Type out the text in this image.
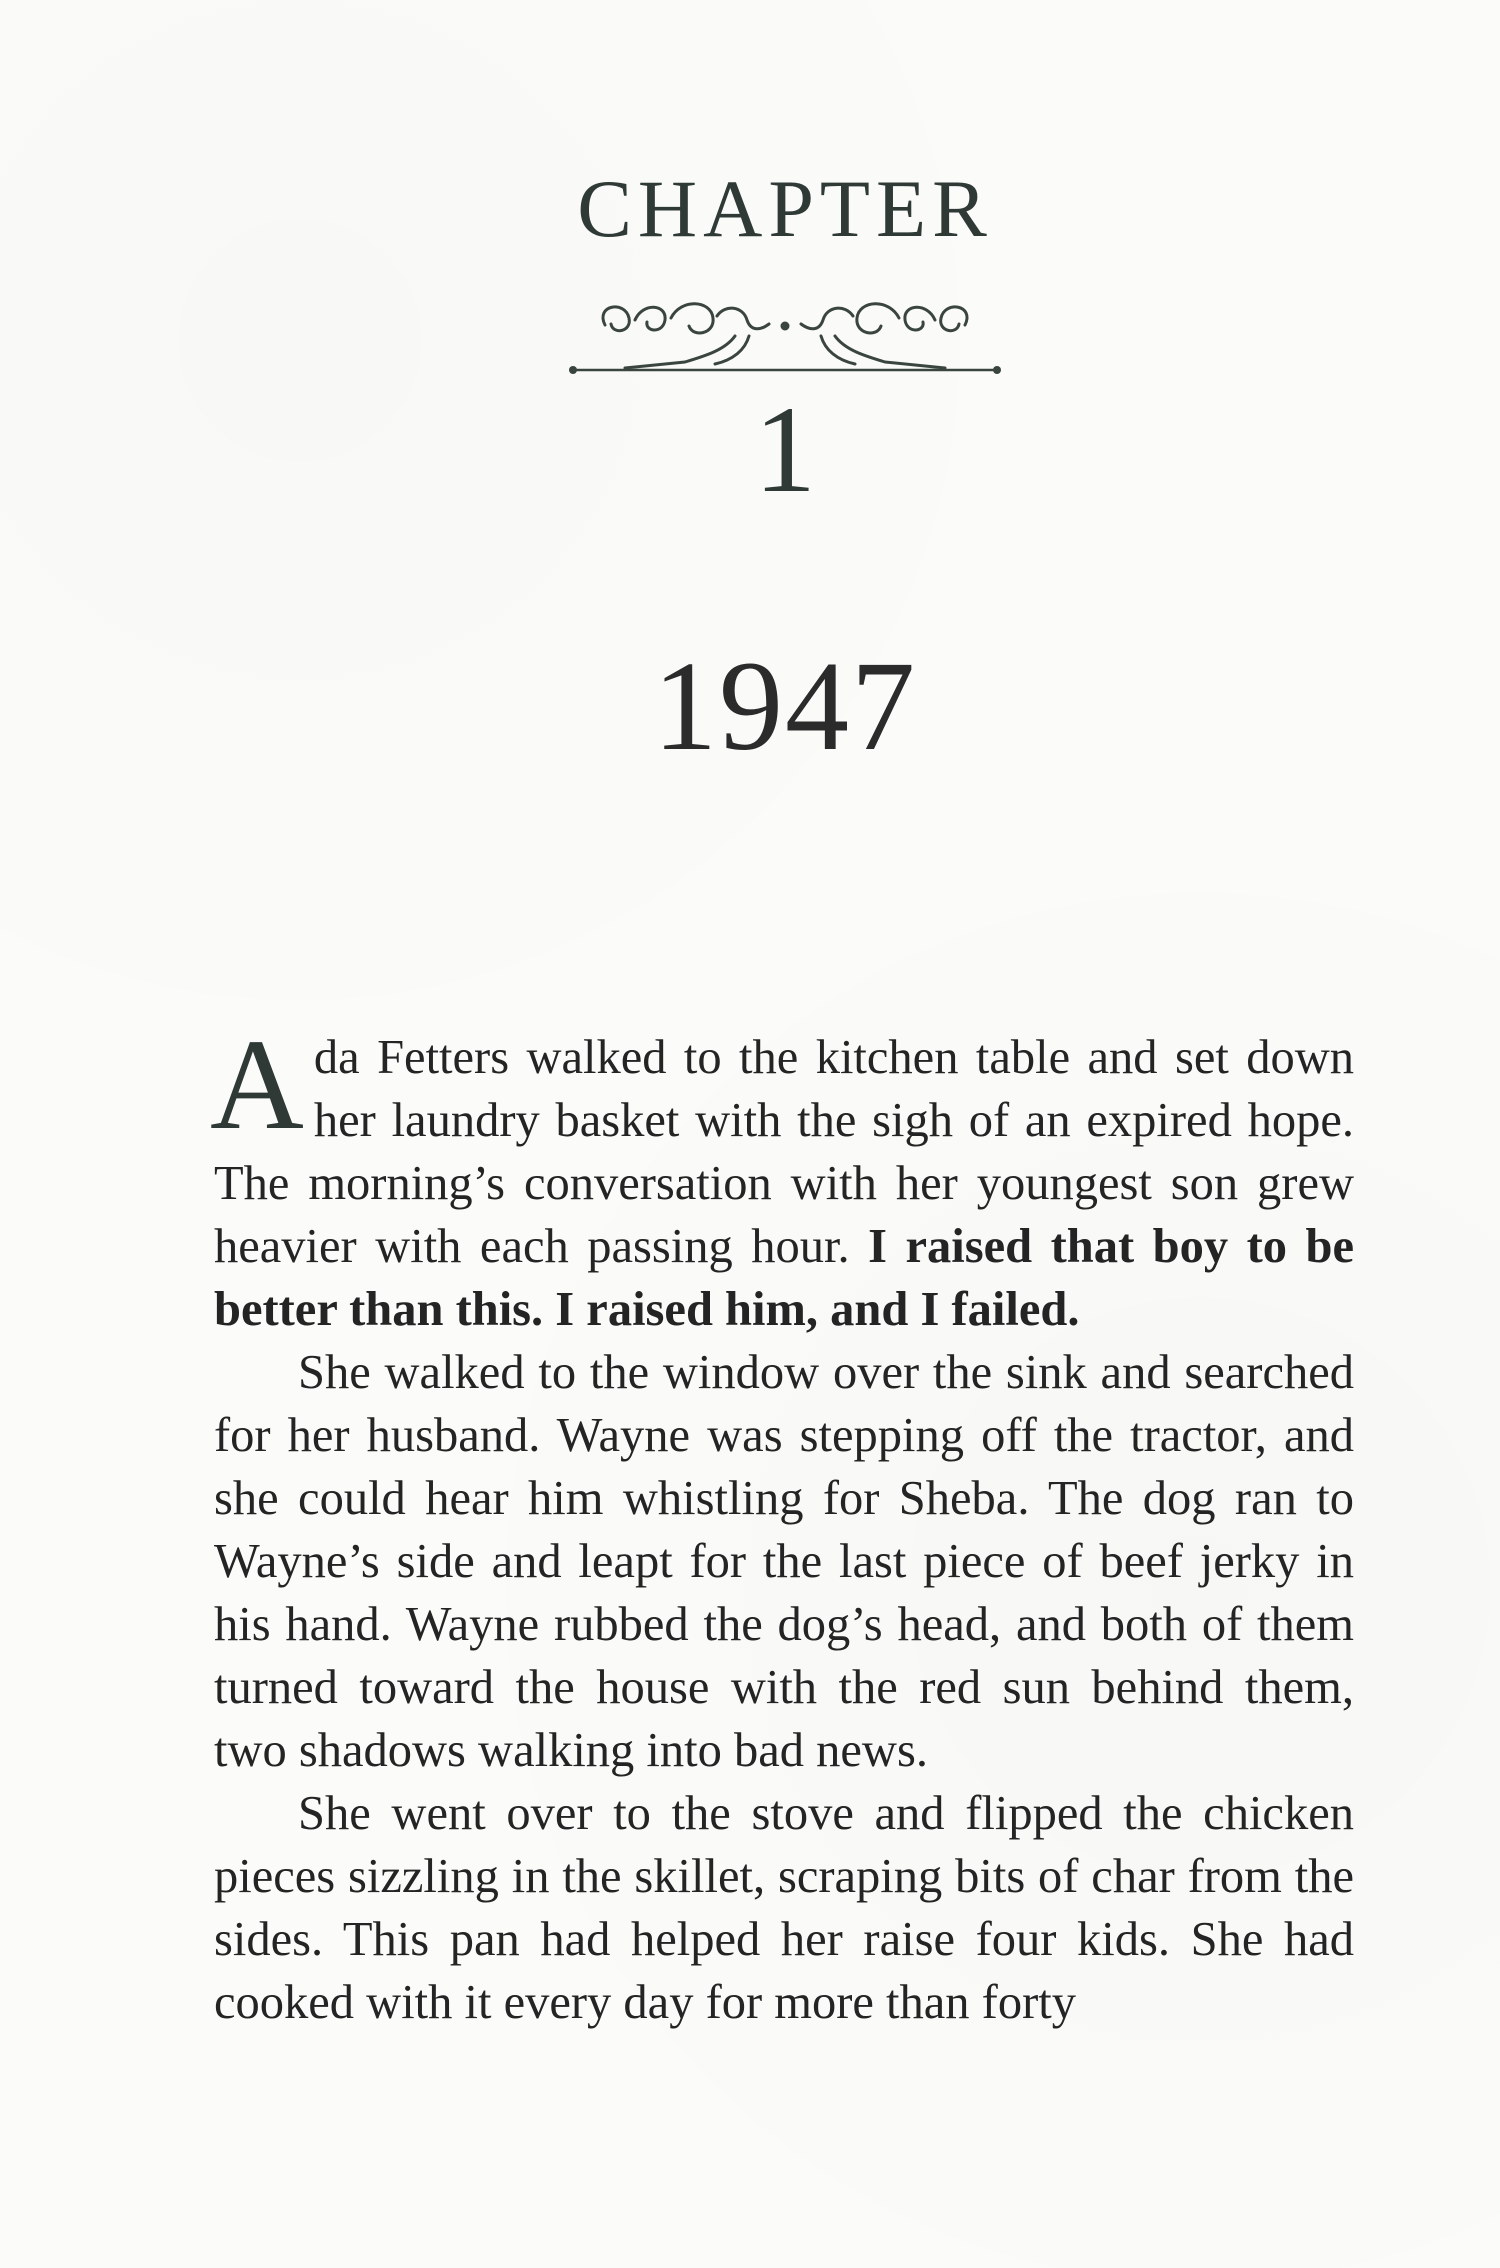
CHAPTER
1
1947

Ada Fetters walked to the kitchen table and set down her laundry basket with the sigh of an expired hope. The morning’s conversation with her youngest son grew heavier with each passing hour. I raised that boy to be better than this. I raised him, and I failed.

She walked to the window over the sink and searched for her husband. Wayne was stepping off the tractor, and she could hear him whistling for Sheba. The dog ran to Wayne’s side and leapt for the last piece of beef jerky in his hand. Wayne rubbed the dog’s head, and both of them turned toward the house with the red sun behind them, two shadows walking into bad news.

She went over to the stove and flipped the chicken pieces sizzling in the skillet, scraping bits of char from the sides. This pan had helped her raise four kids. She had cooked with it every day for more than forty
